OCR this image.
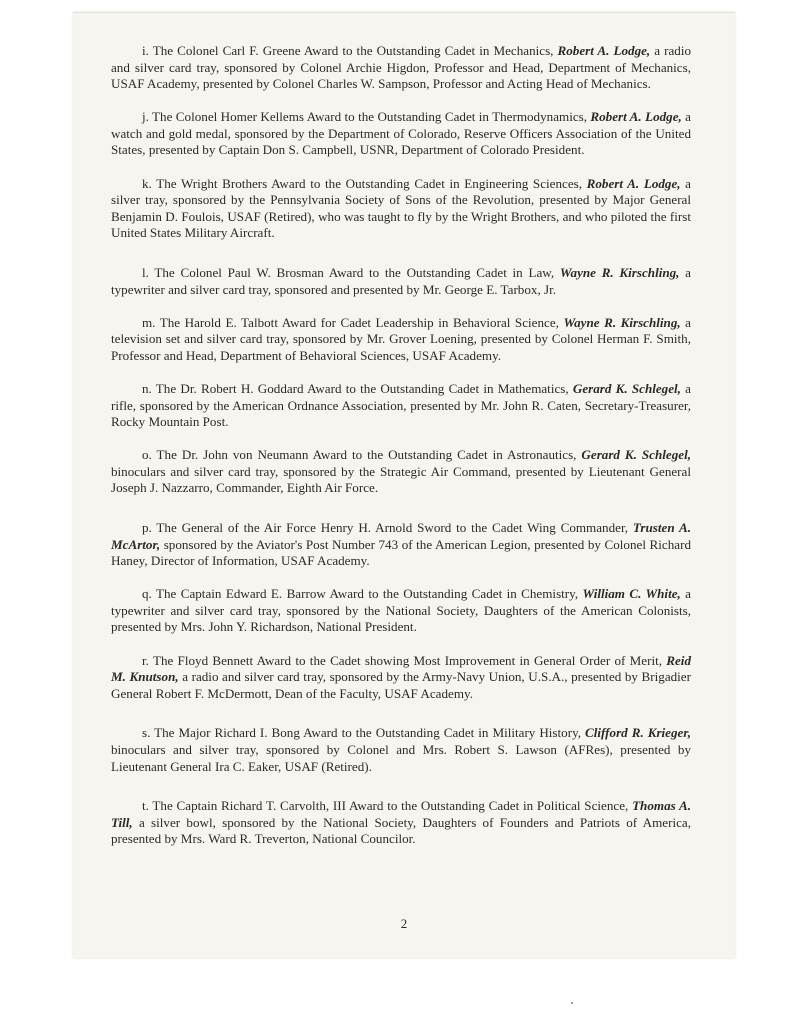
i. The Colonel Carl F. Greene Award to the Outstanding Cadet in Mechanics, Robert A. Lodge, a radio and silver card tray, sponsored by Colonel Archie Higdon, Professor and Head, Department of Mechanics, USAF Academy, presented by Colonel Charles W. Sampson, Professor and Acting Head of Mechanics.

j. The Colonel Homer Kellems Award to the Outstanding Cadet in Thermodynamics, Robert A. Lodge, a watch and gold medal, sponsored by the Department of Colorado, Reserve Officers Association of the United States, presented by Captain Don S. Campbell, USNR, Department of Colorado President.

k. The Wright Brothers Award to the Outstanding Cadet in Engineering Sciences, Robert A. Lodge, a silver tray, sponsored by the Pennsylvania Society of Sons of the Revolution, presented by Major General Benjamin D. Foulois, USAF (Retired), who was taught to fly by the Wright Brothers, and who piloted the first United States Military Aircraft.

l. The Colonel Paul W. Brosman Award to the Outstanding Cadet in Law, Wayne R. Kirschling, a typewriter and silver card tray, sponsored and presented by Mr. George E. Tarbox, Jr.

m. The Harold E. Talbott Award for Cadet Leadership in Behavioral Science, Wayne R. Kirschling, a television set and silver card tray, sponsored by Mr. Grover Loening, presented by Colonel Herman F. Smith, Professor and Head, Department of Behavioral Sciences, USAF Academy.

n. The Dr. Robert H. Goddard Award to the Outstanding Cadet in Mathematics, Gerard K. Schlegel, a rifle, sponsored by the American Ordnance Association, presented by Mr. John R. Caten, Secretary-Treasurer, Rocky Mountain Post.

o. The Dr. John von Neumann Award to the Outstanding Cadet in Astronautics, Gerard K. Schlegel, binoculars and silver card tray, sponsored by the Strategic Air Command, presented by Lieutenant General Joseph J. Nazzarro, Commander, Eighth Air Force.

p. The General of the Air Force Henry H. Arnold Sword to the Cadet Wing Commander, Trusten A. McArtor, sponsored by the Aviator's Post Number 743 of the American Legion, presented by Colonel Richard Haney, Director of Information, USAF Academy.

q. The Captain Edward E. Barrow Award to the Outstanding Cadet in Chemistry, William C. White, a typewriter and silver card tray, sponsored by the National Society, Daughters of the American Colonists, presented by Mrs. John Y. Richardson, National President.

r. The Floyd Bennett Award to the Cadet showing Most Improvement in General Order of Merit, Reid M. Knutson, a radio and silver card tray, sponsored by the Army-Navy Union, U.S.A., presented by Brigadier General Robert F. McDermott, Dean of the Faculty, USAF Academy.

s. The Major Richard I. Bong Award to the Outstanding Cadet in Military History, Clifford R. Krieger, binoculars and silver tray, sponsored by Colonel and Mrs. Robert S. Lawson (AFRes), presented by Lieutenant General Ira C. Eaker, USAF (Retired).

t. The Captain Richard T. Carvolth, III Award to the Outstanding Cadet in Political Science, Thomas A. Till, a silver bowl, sponsored by the National Society, Daughters of Founders and Patriots of America, presented by Mrs. Ward R. Treverton, National Councilor.

2
